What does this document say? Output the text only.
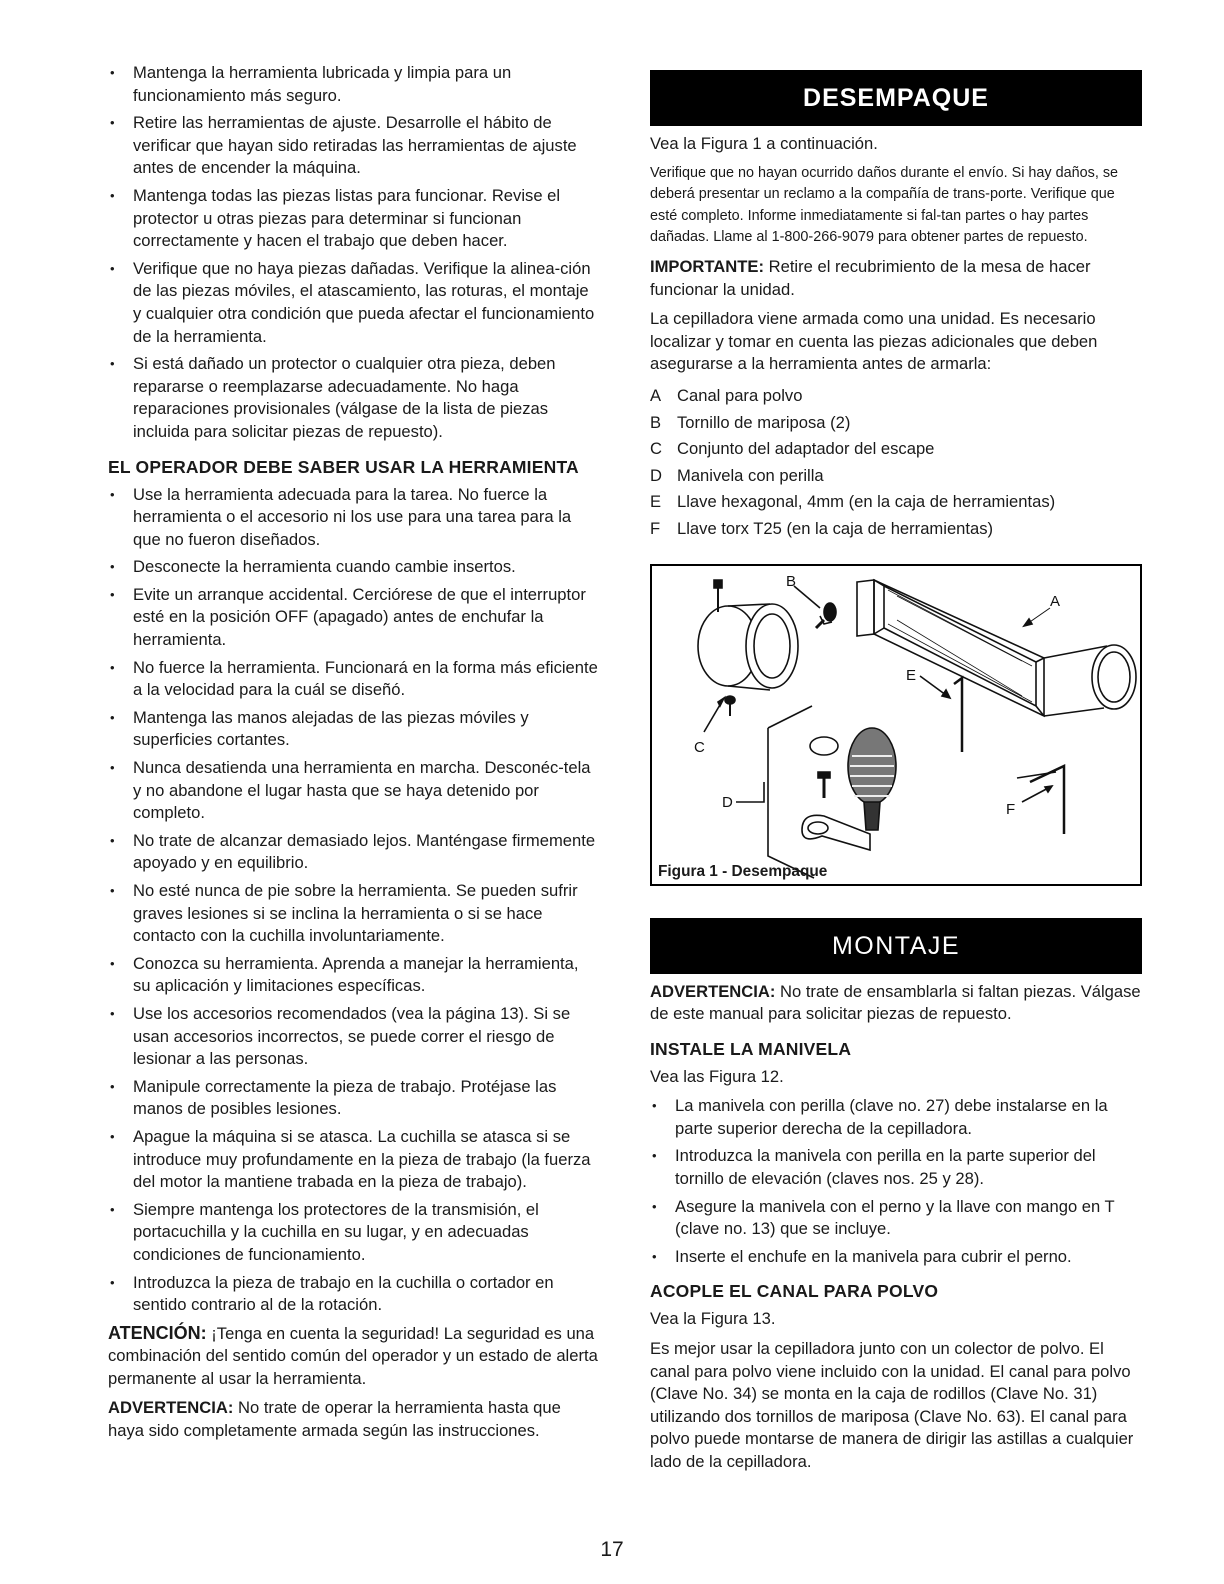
• Mantenga la herramienta lubricada y limpia para un funcionamiento más seguro.
• Retire las herramientas de ajuste. Desarrolle el hábito de verificar que hayan sido retiradas las herramientas de ajuste antes de encender la máquina.
• Mantenga todas las piezas listas para funcionar. Revise el protector u otras piezas para determinar si funcionan correctamente y hacen el trabajo que deben hacer.
• Verifique que no haya piezas dañadas. Verifique la alinea-ción de las piezas móviles, el atascamiento, las roturas, el montaje y cualquier otra condición que pueda afectar el funcionamiento de la herramienta.
• Si está dañado un protector o cualquier otra pieza, deben repararse o reemplazarse adecuadamente. No haga reparaciones provisionales (válgase de la lista de piezas incluida para solicitar piezas de repuesto).
EL OPERADOR DEBE SABER USAR LA HERRAMIENTA
• Use la herramienta adecuada para la tarea. No fuerce la herramienta o el accesorio ni los use para una tarea para la que no fueron diseñados.
• Desconecte la herramienta cuando cambie insertos.
• Evite un arranque accidental. Cerciórese de que el interruptor esté en la posición OFF (apagado) antes de enchufar la herramienta.
• No fuerce la herramienta. Funcionará en la forma más eficiente a la velocidad para la cuál se diseñó.
• Mantenga las manos alejadas de las piezas móviles y superficies cortantes.
• Nunca desatienda una herramienta en marcha. Desconéc-tela y no abandone el lugar hasta que se haya detenido por completo.
• No trate de alcanzar demasiado lejos. Manténgase firmemente apoyado y en equilibrio.
• No esté nunca de pie sobre la herramienta. Se pueden sufrir graves lesiones si se inclina la herramienta o si se hace contacto con la cuchilla involuntariamente.
• Conozca su herramienta. Aprenda a manejar la herramienta, su aplicación y limitaciones específicas.
• Use los accesorios recomendados (vea la página 13). Si se usan accesorios incorrectos, se puede correr el riesgo de lesionar a las personas.
• Manipule correctamente la pieza de trabajo. Protéjase las manos de posibles lesiones.
• Apague la máquina si se atasca. La cuchilla se atasca si se introduce muy profundamente en la pieza de trabajo (la fuerza del motor la mantiene trabada en la pieza de trabajo).
• Siempre mantenga los protectores de la transmisión, el portacuchilla y la cuchilla en su lugar, y en adecuadas condiciones de funcionamiento.
• Introduzca la pieza de trabajo en la cuchilla o cortador en sentido contrario al de la rotación.

ATENCIÓN: ¡Tenga en cuenta la seguridad! La seguridad es una combinación del sentido común del operador y un estado de alerta permanente al usar la herramienta.

ADVERTENCIA: No trate de operar la herramienta hasta que haya sido completamente armada según las instrucciones.

DESEMPAQUE

Vea la Figura 1 a continuación.

Verifique que no hayan ocurrido daños durante el envío. Si hay daños, se deberá presentar un reclamo a la compañía de trans-porte. Verifique que esté completo. Informe inmediatamente si fal-tan partes o hay partes dañadas. Llame al 1-800-266-9079 para obtener partes de repuesto.

IMPORTANTE: Retire el recubrimiento de la mesa de hacer funcionar la unidad.

La cepilladora viene armada como una unidad. Es necesario localizar y tomar en cuenta las piezas adicionales que deben asegurarse a la herramienta antes de armarla:

A Canal para polvo
B Tornillo de mariposa (2)
C Conjunto del adaptador del escape
D Manivela con perilla
E Llave hexagonal, 4mm (en la caja de herramientas)
F	Llave torx T25 (en la caja de herramientas)
A
B
C
D
E
F
Figura 1 - Desempaque
MONTAJE

ADVERTENCIA: No trate de ensamblarla si faltan piezas. Válgase de este manual para solicitar piezas de repuesto.

INSTALE LA MANIVELA

Vea las Figura 12.

• La manivela con perilla (clave no. 27) debe instalarse en la parte superior derecha de la cepilladora.
• Introduzca la manivela con perilla en la parte superior del tornillo de elevación (claves nos. 25 y 28).
• Asegure la manivela con el perno y la llave con mango en T (clave no. 13) que se incluye.
• Inserte el enchufe en la manivela para cubrir el perno.
ACOPLE EL CANAL PARA POLVO

Vea la Figura 13.

Es mejor usar la cepilladora junto con un colector de polvo. El canal para polvo viene incluido con la unidad. El canal para polvo (Clave No. 34) se monta en la caja de rodillos (Clave No. 31) utilizando dos tornillos de mariposa (Clave No. 63). El canal para polvo puede montarse de manera de dirigir las astillas a cualquier lado de la cepilladora.

17
